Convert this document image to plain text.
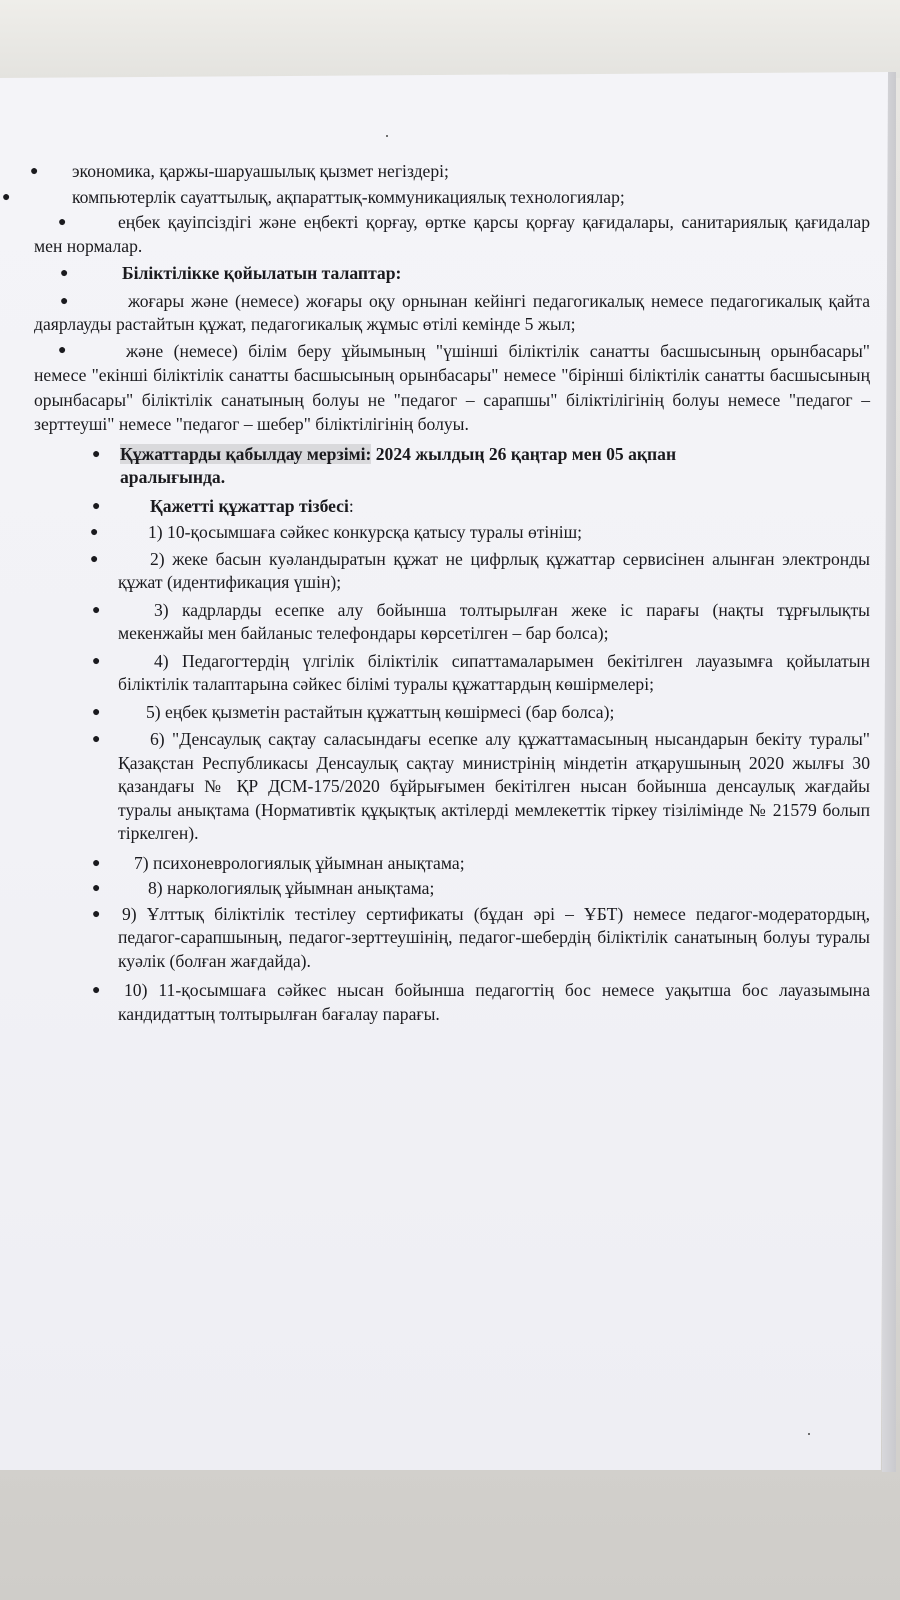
● экономика, қаржы-шаруашылық қызмет негіздері;
●	компьютерлік сауаттылық, ақпараттық-коммуникациялық технологиялар;
●	еңбек қауіпсіздігі және еңбекті қорғау, өртке қарсы қорғау қағидалары, санитариялық қағидалар мен нормалар.
●	Біліктілікке қойылатын талаптар:
●	жоғары және (немесе) жоғары оқу орнынан кейінгі педагогикалық немесе педагогикалық қайта даярлауды растайтын құжат, педагогикалық жұмыс өтілі кемінде 5 жыл;
●	және (немесе) білім беру ұйымының "үшінші біліктілік санатты басшысының орынбасары" немесе "екінші біліктілік санатты басшысының орынбасары" немесе "бірінші біліктілік санатты басшысының орынбасары" біліктілік санатының болуы не "педагог – сарапшы" біліктілігінің болуы немесе "педагог – зерттеуші" немесе "педагог – шебер" біліктілігінің болуы.
● Құжаттарды қабылдау мерзімі: 2024 жылдың 26 қаңтар мен 05 ақпан аралығында.
●	Қажетті құжаттар тізбесі:
●	1) 10-қосымшаға сәйкес конкурсқа қатысу туралы өтініш;
●	2) жеке басын куәландыратын құжат не цифрлық құжаттар сервисінен алынған электронды құжат (идентификация үшін);
●	3) кадрларды есепке алу бойынша толтырылған жеке іс парағы (нақты тұрғылықты мекенжайы мен байланыс телефондары көрсетілген – бар болса);
●	4) Педагогтердің үлгілік біліктілік сипаттамаларымен бекітілген лауазымға қойылатын біліктілік талаптарына сәйкес білімі туралы құжаттардың көшірмелері;
●	5) еңбек қызметін растайтын құжаттың көшірмесі (бар болса);
●	6) "Денсаулық сақтау саласындағы есепке алу құжаттамасының нысандарын бекіту туралы" Қазақстан Республикасы Денсаулық сақтау министрінің міндетін атқарушының 2020 жылғы 30 қазандағы № ҚР ДСМ-175/2020 бұйрығымен бекітілген нысан бойынша денсаулық жағдайы туралы анықтама (Нормативтік құқықтық актілерді мемлекеттік тіркеу тізілімінде № 21579 болып тіркелген).
● 7) психоневрологиялық ұйымнан анықтама;
●	8) наркологиялық ұйымнан анықтама;
● 9) Ұлттық біліктілік тестілеу сертификаты (бұдан әрі – ҰБТ) немесе педагог-модератордың, педагог-сарапшының, педагог-зерттеушінің, педагог-шебердің біліктілік санатының болуы туралы куәлік (болған жағдайда).
● 10) 11-қосымшаға сәйкес нысан бойынша педагогтің бос немесе уақытша бос лауазымына кандидаттың толтырылған бағалау парағы.
